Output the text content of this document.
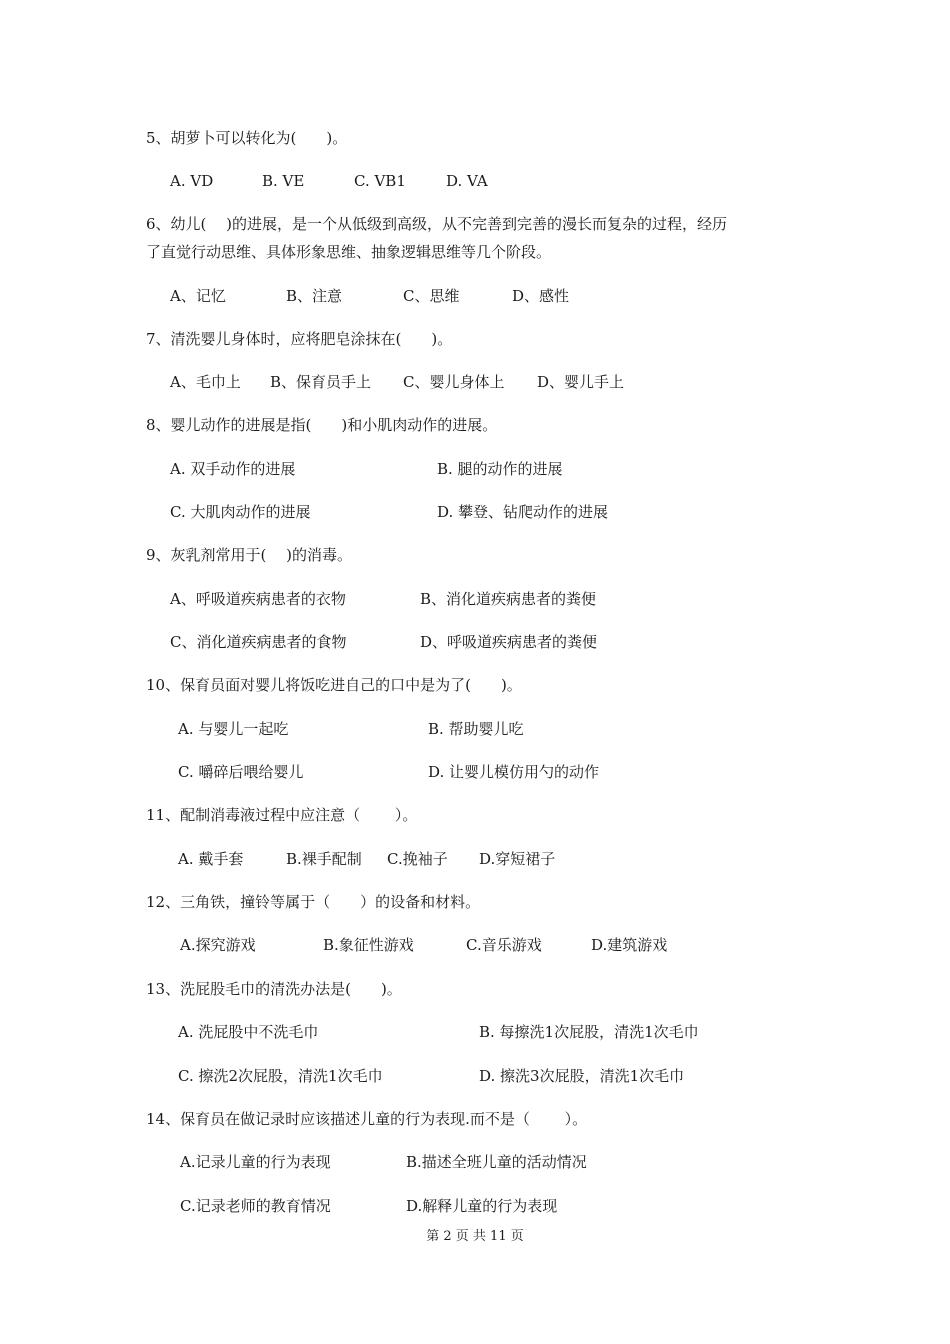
5、胡萝卜可以转化为(　　)。
A. VD	B. VE	C. VB1	D. VA
6、幼儿(　 )的进展，是一个从低级到高级，从不完善到完善的漫长而复杂的过程，经历
了直觉行动思维、具体形象思维、抽象逻辑思维等几个阶段。
A、记忆	B、注意	C、思维	D、感性
7、清洗婴儿身体时，应将肥皂涂抹在(　　)。
A、毛巾上 B、保育员手上 C、婴儿身体上 D、婴儿手上
8、婴儿动作的进展是指(　　)和小肌肉动作的进展。
A. 双手动作的进展	B. 腿的动作的进展
C. 大肌肉动作的进展	D. 攀登、钻爬动作的进展
9、灰乳剂常用于(　 )的消毒。
A、呼吸道疾病患者的衣物	B、消化道疾病患者的粪便
C、消化道疾病患者的食物	D、呼吸道疾病患者的粪便
10、保育员面对婴儿将饭吃进自己的口中是为了(　　)。
A. 与婴儿一起吃	B. 帮助婴儿吃
C. 嚼碎后喂给婴儿	D. 让婴儿模仿用勺的动作
11、配制消毒液过程中应注意（　　 ）。
A. 戴手套	B.裸手配制 C.挽袖子 D.穿短裙子
12、三角铁，撞铃等属于（　　）的设备和材料。
A.探究游戏	B.象征性游戏	C.音乐游戏	D.建筑游戏
13、洗屁股毛巾的清洗办法是(　　)。
A. 洗屁股中不洗毛巾	B. 每擦洗1次屁股，清洗1次毛巾
C. 擦洗2次屁股，清洗1次毛巾	D. 擦洗3次屁股，清洗1次毛巾
14、保育员在做记录时应该描述儿童的行为表现.而不是（　　 ）。
A.记录儿童的行为表现	B.描述全班儿童的活动情况
C.记录老师的教育情况	D.解释儿童的行为表现
第 2 页 共 11 页
